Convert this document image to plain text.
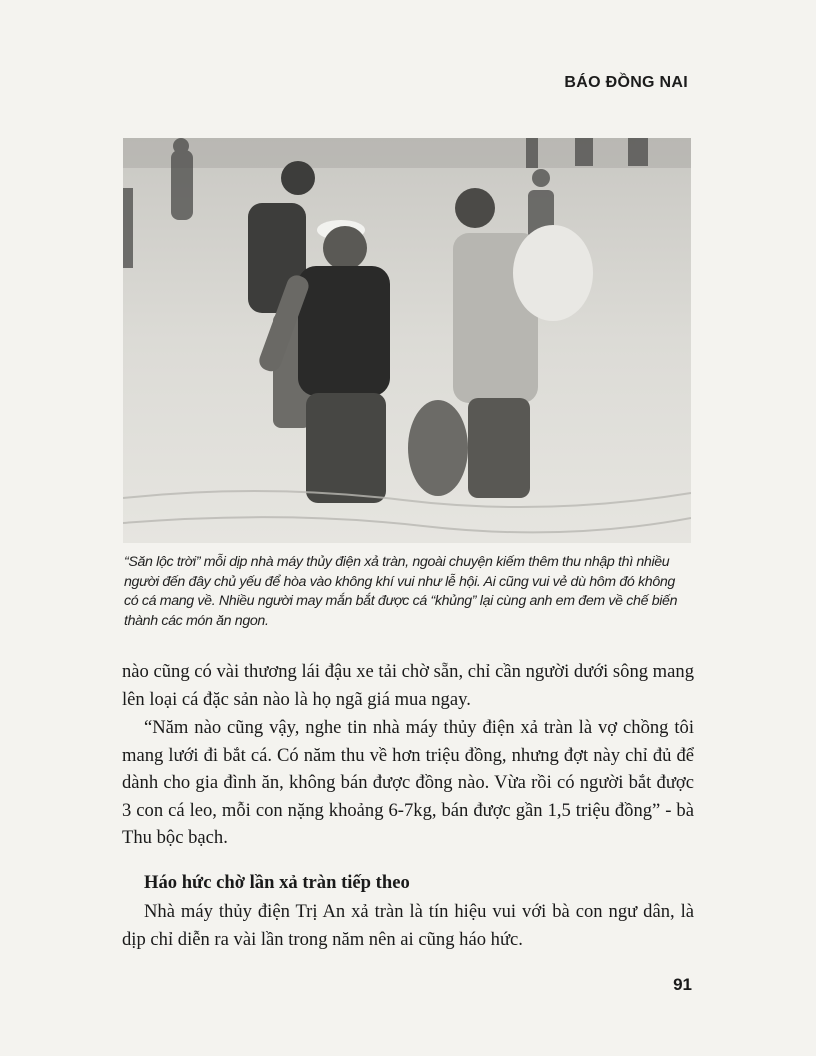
BÁO ĐỒNG NAI
“Săn lộc trời” mỗi dịp nhà máy thủy điện xả tràn, ngoài chuyện kiếm thêm thu nhập thì nhiều người đến đây chủ yếu để hòa vào không khí vui như lễ hội. Ai cũng vui vẻ dù hôm đó không có cá mang về. Nhiều người may mắn bắt được cá “khủng” lại cùng anh em đem về chế biến thành các món ăn ngon.
nào cũng có vài thương lái đậu xe tải chờ sẵn, chỉ cần người dưới sông mang lên loại cá đặc sản nào là họ ngã giá mua ngay.
“Năm nào cũng vậy, nghe tin nhà máy thủy điện xả tràn là vợ chồng tôi mang lưới đi bắt cá. Có năm thu về hơn triệu đồng, nhưng đợt này chỉ đủ để dành cho gia đình ăn, không bán được đồng nào. Vừa rồi có người bắt được 3 con cá leo, mỗi con nặng khoảng 6-7kg, bán được gần 1,5 triệu đồng” - bà Thu bộc bạch.
Háo hức chờ lần xả tràn tiếp theo
Nhà máy thủy điện Trị An xả tràn là tín hiệu vui với bà con ngư dân, là dịp chỉ diễn ra vài lần trong năm nên ai cũng háo hức.
91
